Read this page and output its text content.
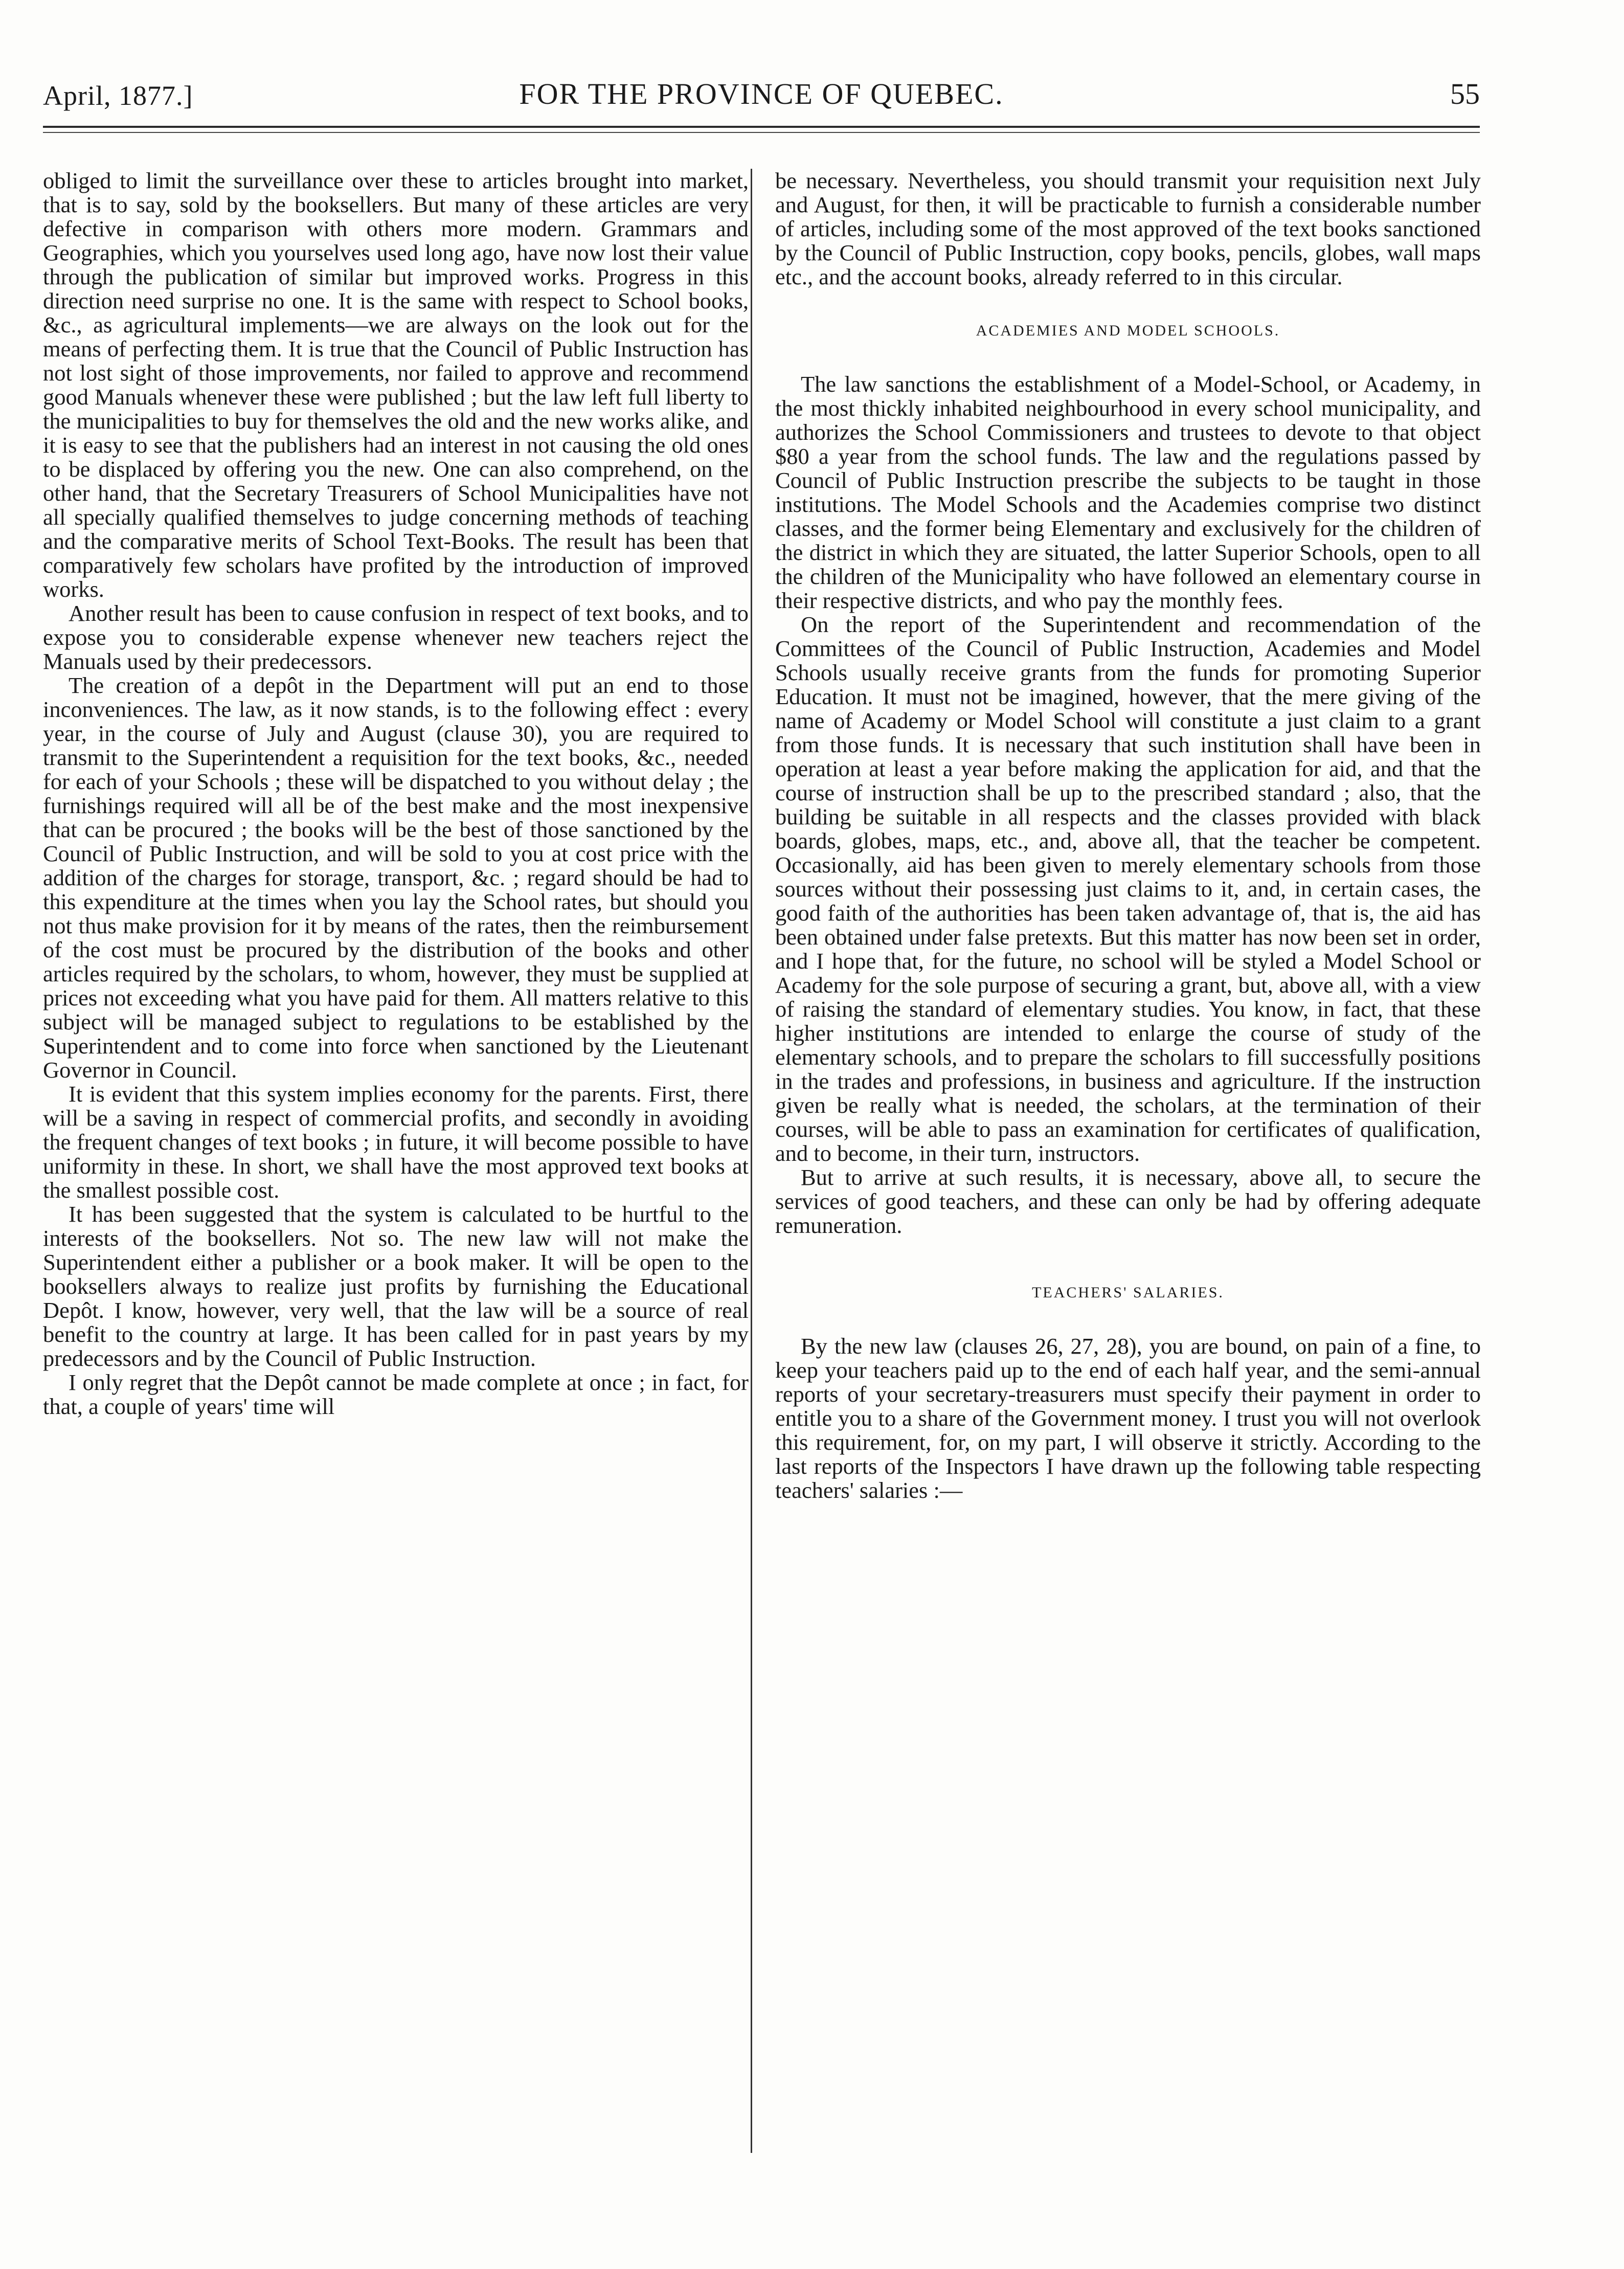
April, 1877.]	FOR THE PROVINCE OF QUEBEC.	55

obliged to limit the surveillance over these to articles brought into market, that is to say, sold by the booksellers. But many of these articles are very defective in comparison with others more modern. Grammars and Geographies, which you yourselves used long ago, have now lost their value through the publication of similar but improved works. Progress in this direction need surprise no one. It is the same with respect to School books, &c., as agricultural implements—we are always on the look out for the means of perfecting them. It is true that the Council of Public Instruction has not lost sight of those improvements, nor failed to approve and recommend good Manuals whenever these were published ; but the law left full liberty to the municipalities to buy for themselves the old and the new works alike, and it is easy to see that the publishers had an interest in not causing the old ones to be displaced by offering you the new. One can also comprehend, on the other hand, that the Secretary Treasurers of School Municipalities have not all specially qualified themselves to judge concerning methods of teaching and the comparative merits of School Text-Books. The result has been that comparatively few scholars have profited by the introduction of improved works.

Another result has been to cause confusion in respect of text books, and to expose you to considerable expense whenever new teachers reject the Manuals used by their predecessors.

The creation of a depôt in the Department will put an end to those inconveniences. The law, as it now stands, is to the following effect : every year, in the course of July and August (clause 30), you are required to transmit to the Superintendent a requisition for the text books, &c., needed for each of your Schools ; these will be dispatched to you without delay ; the furnishings required will all be of the best make and the most inexpensive that can be procured ; the books will be the best of those sanctioned by the Council of Public Instruction, and will be sold to you at cost price with the addition of the charges for storage, transport, &c. ; regard should be had to this expenditure at the times when you lay the School rates, but should you not thus make provision for it by means of the rates, then the reimbursement of the cost must be procured by the distribution of the books and other articles required by the scholars, to whom, however, they must be supplied at prices not exceeding what you have paid for them. All matters relative to this subject will be managed subject to regulations to be established by the Superintendent and to come into force when sanctioned by the Lieutenant Governor in Council.

It is evident that this system implies economy for the parents. First, there will be a saving in respect of commercial profits, and secondly in avoiding the frequent changes of text books ; in future, it will become possible to have uniformity in these. In short, we shall have the most approved text books at the smallest possible cost.

It has been suggested that the system is calculated to be hurtful to the interests of the booksellers. Not so. The new law will not make the Superintendent either a publisher or a book maker. It will be open to the booksellers always to realize just profits by furnishing the Educational Depôt. I know, however, very well, that the law will be a source of real benefit to the country at large. It has been called for in past years by my predecessors and by the Council of Public Instruction.

I only regret that the Depôt cannot be made complete at once ; in fact, for that, a couple of years' time will

be necessary. Nevertheless, you should transmit your requisition next July and August, for then, it will be practicable to furnish a considerable number of articles, including some of the most approved of the text books sanctioned by the Council of Public Instruction, copy books, pencils, globes, wall maps etc., and the account books, already referred to in this circular.

ACADEMIES AND MODEL SCHOOLS.

The law sanctions the establishment of a Model-School, or Academy, in the most thickly inhabited neighbourhood in every school municipality, and authorizes the School Commissioners and trustees to devote to that object $80 a year from the school funds. The law and the regulations passed by Council of Public Instruction prescribe the subjects to be taught in those institutions. The Model Schools and the Academies comprise two distinct classes, and the former being Elementary and exclusively for the children of the district in which they are situated, the latter Superior Schools, open to all the children of the Municipality who have followed an elementary course in their respective districts, and who pay the monthly fees.

On the report of the Superintendent and recommendation of the Committees of the Council of Public Instruction, Academies and Model Schools usually receive grants from the funds for promoting Superior Education. It must not be imagined, however, that the mere giving of the name of Academy or Model School will constitute a just claim to a grant from those funds. It is necessary that such institution shall have been in operation at least a year before making the application for aid, and that the course of instruction shall be up to the prescribed standard ; also, that the building be suitable in all respects and the classes provided with black boards, globes, maps, etc., and, above all, that the teacher be competent. Occasionally, aid has been given to merely elementary schools from those sources without their possessing just claims to it, and, in certain cases, the good faith of the authorities has been taken advantage of, that is, the aid has been obtained under false pretexts. But this matter has now been set in order, and I hope that, for the future, no school will be styled a Model School or Academy for the sole purpose of securing a grant, but, above all, with a view of raising the standard of elementary studies. You know, in fact, that these higher institutions are intended to enlarge the course of study of the elementary schools, and to prepare the scholars to fill successfully positions in the trades and professions, in business and agriculture. If the instruction given be really what is needed, the scholars, at the termination of their courses, will be able to pass an examination for certificates of qualification, and to become, in their turn, instructors.

But to arrive at such results, it is necessary, above all, to secure the services of good teachers, and these can only be had by offering adequate remuneration.

TEACHERS' SALARIES.

By the new law (clauses 26, 27, 28), you are bound, on pain of a fine, to keep your teachers paid up to the end of each half year, and the semi-annual reports of your secretary-treasurers must specify their payment in order to entitle you to a share of the Government money. I trust you will not overlook this requirement, for, on my part, I will observe it strictly. According to the last reports of the Inspectors I have drawn up the following table respecting teachers' salaries :—
